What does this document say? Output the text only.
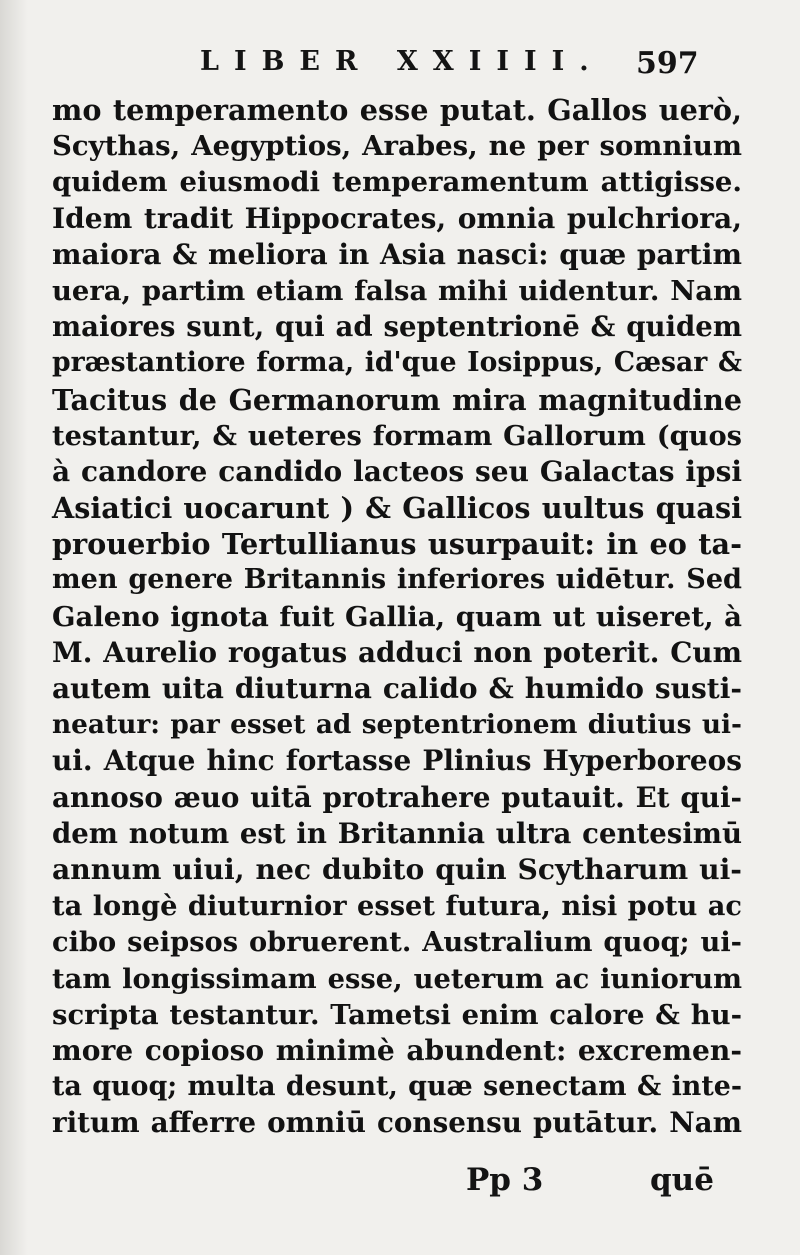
LIBER XXIIII. 597
mo temperamento esse putat. Gallos uerò,
Scythas, Aegyptios, Arabes, ne per somnium
quidem eiusmodi temperamentum attigisse.
Idem tradit Hippocrates, omnia pulchriora,
maiora & meliora in Asia nasci: quæ partim
uera, partim etiam falsa mihi uidentur. Nam
maiores sunt, qui ad septentrionē & quidem
præstantiore forma, id'que Iosippus, Cæsar &
Tacitus de Germanorum mira magnitudine
testantur, & ueteres formam Gallorum (quos
à candore candido lacteos seu Galactas ipsi
Asiatici uocarunt ) & Gallicos uultus quasi
prouerbio Tertullianus usurpauit: in eo ta-
men genere Britannis inferiores uidētur. Sed
Galeno ignota fuit Gallia, quam ut uiseret, à
M. Aurelio rogatus adduci non poterit. Cum
autem uita diuturna calido & humido susti-
neatur: par esset ad septentrionem diutius ui-
ui. Atque hinc fortasse Plinius Hyperboreos
annoso æuo uitā protrahere putauit. Et qui-
dem notum est in Britannia ultra centesimū
annum uiui, nec dubito quin Scytharum ui-
ta longè diuturnior esset futura, nisi potu ac
cibo seipsos obruerent. Australium quoq; ui-
tam longissimam esse, ueterum ac iuniorum
scripta testantur. Tametsi enim calore & hu-
more copioso minimè abundent: excremen-
ta quoq; multa desunt, quæ senectam & inte-
ritum afferre omniū consensu putātur. Nam
Pp 3	quē
